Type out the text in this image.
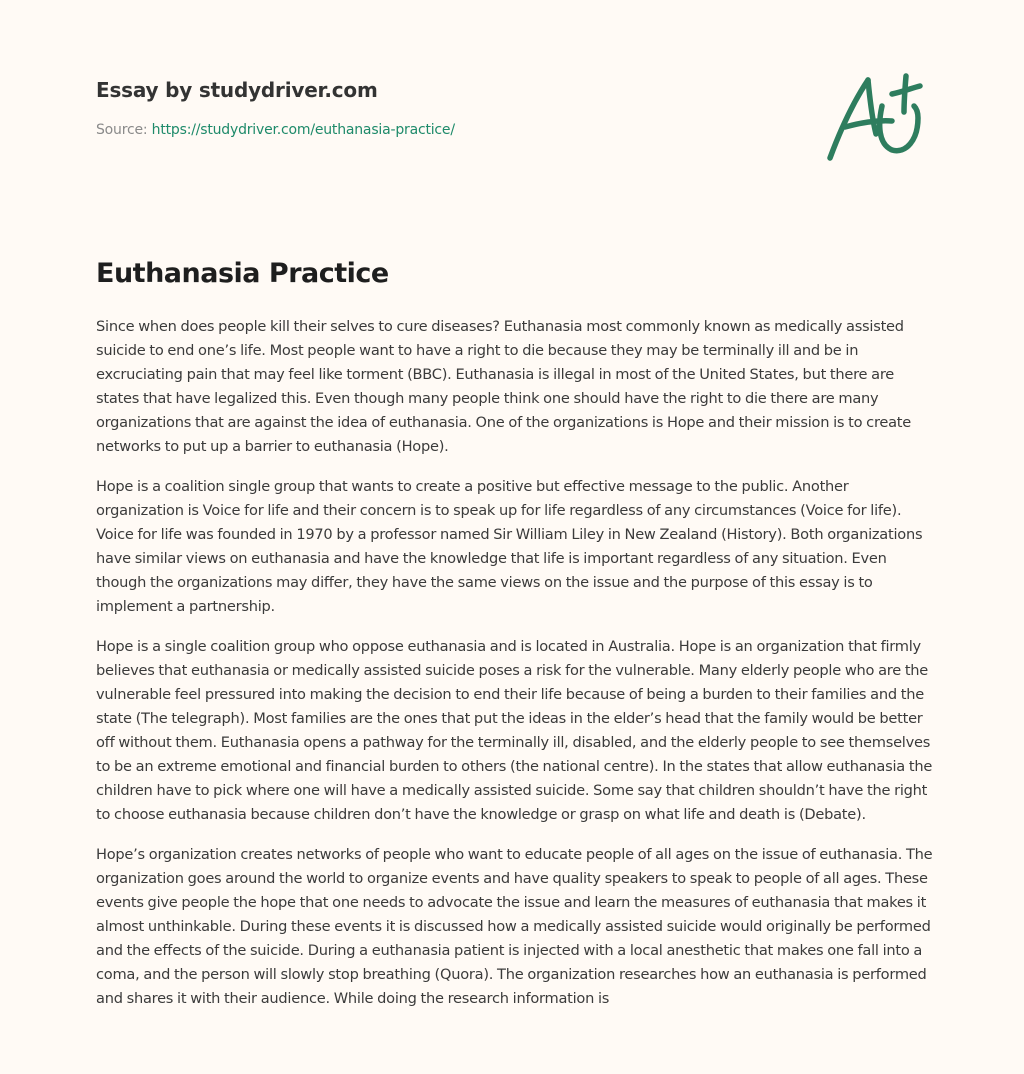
Essay by studydriver.com
Source: https://studydriver.com/euthanasia-practice/
Euthanasia Practice

Since when does people kill their selves to cure diseases? Euthanasia most commonly known as medically assisted suicide to end one’s life. Most people want to have a right to die because they may be terminally ill and be in excruciating pain that may feel like torment (BBC). Euthanasia is illegal in most of the United States, but there are states that have legalized this. Even though many people think one should have the right to die there are many organizations that are against the idea of euthanasia. One of the organizations is Hope and their mission is to create networks to put up a barrier to euthanasia (Hope).

Hope is a coalition single group that wants to create a positive but effective message to the public. Another organization is Voice for life and their concern is to speak up for life regardless of any circumstances (Voice for life). Voice for life was founded in 1970 by a professor named Sir William Liley in New Zealand (History). Both organizations have similar views on euthanasia and have the knowledge that life is important regardless of any situation. Even though the organizations may differ, they have the same views on the issue and the purpose of this essay is to implement a partnership.

Hope is a single coalition group who oppose euthanasia and is located in Australia. Hope is an organization that firmly believes that euthanasia or medically assisted suicide poses a risk for the vulnerable. Many elderly people who are the vulnerable feel pressured into making the decision to end their life because of being a burden to their families and the state (The telegraph). Most families are the ones that put the ideas in the elder’s head that the family would be better off without them. Euthanasia opens a pathway for the terminally ill, disabled, and the elderly people to see themselves to be an extreme emotional and financial burden to others (the national centre). In the states that allow euthanasia the children have to pick where one will have a medically assisted suicide. Some say that children shouldn’t have the right to choose euthanasia because children don’t have the knowledge or grasp on what life and death is (Debate).

Hope’s organization creates networks of people who want to educate people of all ages on the issue of euthanasia. The organization goes around the world to organize events and have quality speakers to speak to people of all ages. These events give people the hope that one needs to advocate the issue and learn the measures of euthanasia that makes it almost unthinkable. During these events it is discussed how a medically assisted suicide would originally be performed and the effects of the suicide. During a euthanasia patient is injected with a local anesthetic that makes one fall into a coma, and the person will slowly stop breathing (Quora). The organization researches how an euthanasia is performed and shares it with their audience. While doing the research information is
